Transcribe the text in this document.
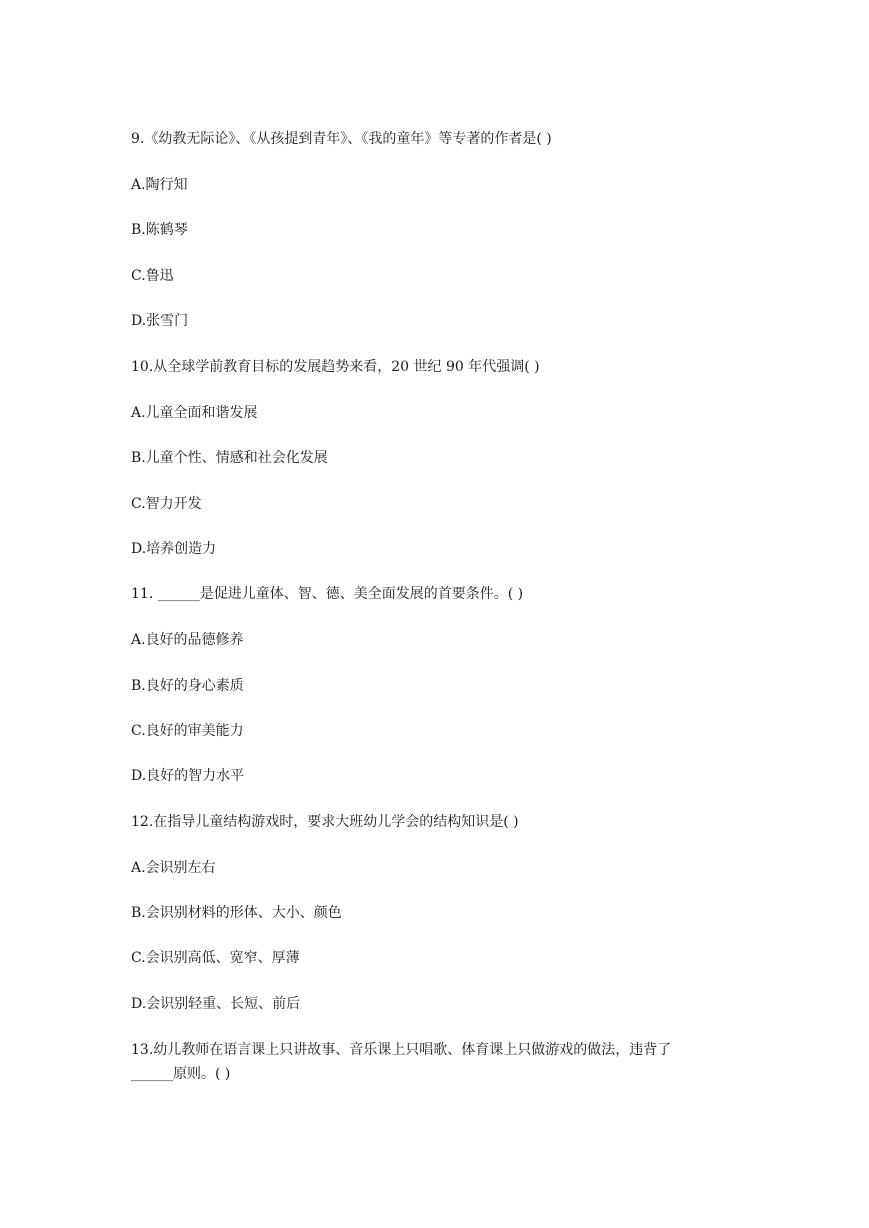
9.《幼教无际论》、《从孩提到青年》、《我的童年》等专著的作者是( )

A.陶行知

B.陈鹤琴

C.鲁迅

D.张雪门

10.从全球学前教育目标的发展趋势来看，20 世纪 90 年代强调( )

A.儿童全面和谐发展

B.儿童个性、情感和社会化发展

C.智力开发

D.培养创造力

11. ______是促进儿童体、智、德、美全面发展的首要条件。( )

A.良好的品德修养

B.良好的身心素质

C.良好的审美能力

D.良好的智力水平

12.在指导儿童结构游戏时，要求大班幼儿学会的结构知识是( )

A.会识别左右

B.会识别材料的形体、大小、颜色

C.会识别高低、宽窄、厚薄

D.会识别轻重、长短、前后

13.幼儿教师在语言课上只讲故事、音乐课上只唱歌、体育课上只做游戏的做法，违背了

______原则。( )
